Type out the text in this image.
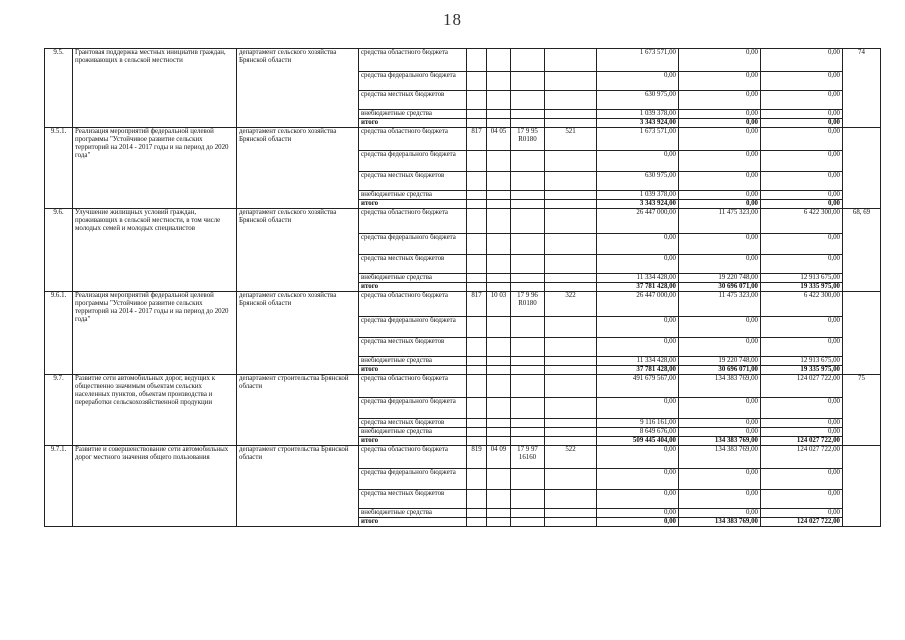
18
9.5.	Грантовая поддержка местных инициатив граждан, проживающих в сельской местности	департамент сельского хозяйства Брянской области	средства областного бюджета					1 673 571,00	0,00	0,00	74
			средства федерального бюджета					0,00	0,00	0,00	
			средства местных бюджетов					630 975,00	0,00	0,00	
			внебюджетные средства					1 039 378,00	0,00	0,00	
			итого					3 343 924,00	0,00	0,00	
9.5.1.	Реализация мероприятий федеральной целевой программы "Устойчивое развитие сельских территорий на 2014 - 2017 годы и на период до 2020 года"	департамент сельского хозяйства Брянской области	средства областного бюджета	817	04 05	17 9 95 R0180	521	1 673 571,00	0,00	0,00	
			средства федерального бюджета					0,00	0,00	0,00	
			средства местных бюджетов					630 975,00	0,00	0,00	
			внебюджетные средства					1 039 378,00	0,00	0,00	
			итого					3 343 924,00	0,00	0,00	
9.6.	Улучшение жилищных условий граждан, проживающих в сельской местности, в том числе молодых семей и молодых специалистов	департамент сельского хозяйства Брянской области	средства областного бюджета					26 447 000,00	11 475 323,00	6 422 300,00	68, 69
			средства федерального бюджета					0,00	0,00	0,00	
			средства местных бюджетов					0,00	0,00	0,00	
			внебюджетные средства					11 334 428,00	19 220 748,00	12 913 675,00	
			итого					37 781 428,00	30 696 071,00	19 335 975,00	
9.6.1.	Реализация мероприятий федеральной целевой программы "Устойчивое развитие сельских территорий на 2014 - 2017 годы и на период до 2020 года"	департамент сельского хозяйства Брянской области	средства областного бюджета	817	10 03	17 9 96 R0180	322	26 447 000,00	11 475 323,00	6 422 300,00	
			средства федерального бюджета					0,00	0,00	0,00	
			средства местных бюджетов					0,00	0,00	0,00	
			внебюджетные средства					11 334 428,00	19 220 748,00	12 913 675,00	
			итого					37 781 428,00	30 696 071,00	19 335 975,00	
9.7.	Развитие сети автомобильных дорог, ведущих к общественно значимым объектам сельских населенных пунктов, объектам производства и переработки сельскохозяйственной продукции	департамент строительства Брянской области	средства областного бюджета					491 679 567,00	134 383 769,00	124 027 722,00	75
			средства федерального бюджета					0,00	0,00	0,00	
			средства местных бюджетов					9 116 161,00	0,00	0,00	
			внебюджетные средства					8 649 676,00	0,00	0,00	
			итого					509 445 404,00	134 383 769,00	124 027 722,00	
9.7.1.	Развитие и совершенствование сети автомобильных дорог местного значения общего пользования	департамент строительства Брянской области	средства областного бюджета	819	04 09	17 9 97 16160	522	0,00	134 383 769,00	124 027 722,00	
			средства федерального бюджета					0,00	0,00	0,00	
			средства местных бюджетов					0,00	0,00	0,00	
			внебюджетные средства					0,00	0,00	0,00	
			итого					0,00	134 383 769,00	124 027 722,00	
